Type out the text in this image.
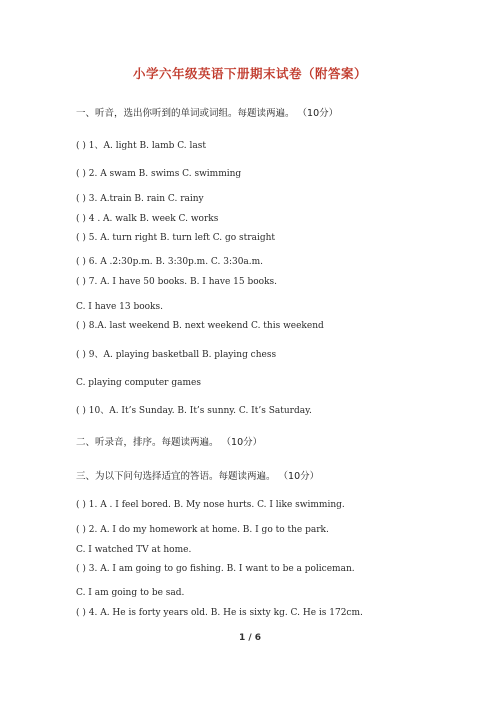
小学六年级英语下册期末试卷（附答案）
一、听音，选出你听到的单词或词组。每题读两遍。 （10分）
( ) 1、A. light B. lamb C. last
( ) 2. A swam B. swims C. swimming
( ) 3. A.train B. rain C. rainy
( ) 4 . A. walk B. week C. works
( ) 5. A. turn right B. turn left C. go straight
( ) 6. A .2:30p.m. B. 3:30p.m. C. 3:30a.m.
( ) 7. A. I have 50 books. B. I have 15 books.
C. I have 13 books.
( ) 8.A. last weekend B. next weekend C. this weekend
( ) 9、A. playing basketball B. playing chess
C. playing computer games
( ) 10、A. It’s Sunday. B. It’s sunny. C. It’s Saturday.
二、听录音，排序。每题读两遍。 （10分）
三、为以下问句选择适宜的答语。每题读两遍。 （10分）
( ) 1. A . I feel bored. B. My nose hurts. C. I like swimming.
( ) 2. A. I do my homework at home. B. I go to the park.
C. I watched TV at home.
( ) 3. A. I am going to go fishing. B. I want to be a policeman.
C. I am going to be sad.
( ) 4. A. He is forty years old. B. He is sixty kg. C. He is 172cm.
1 / 6
